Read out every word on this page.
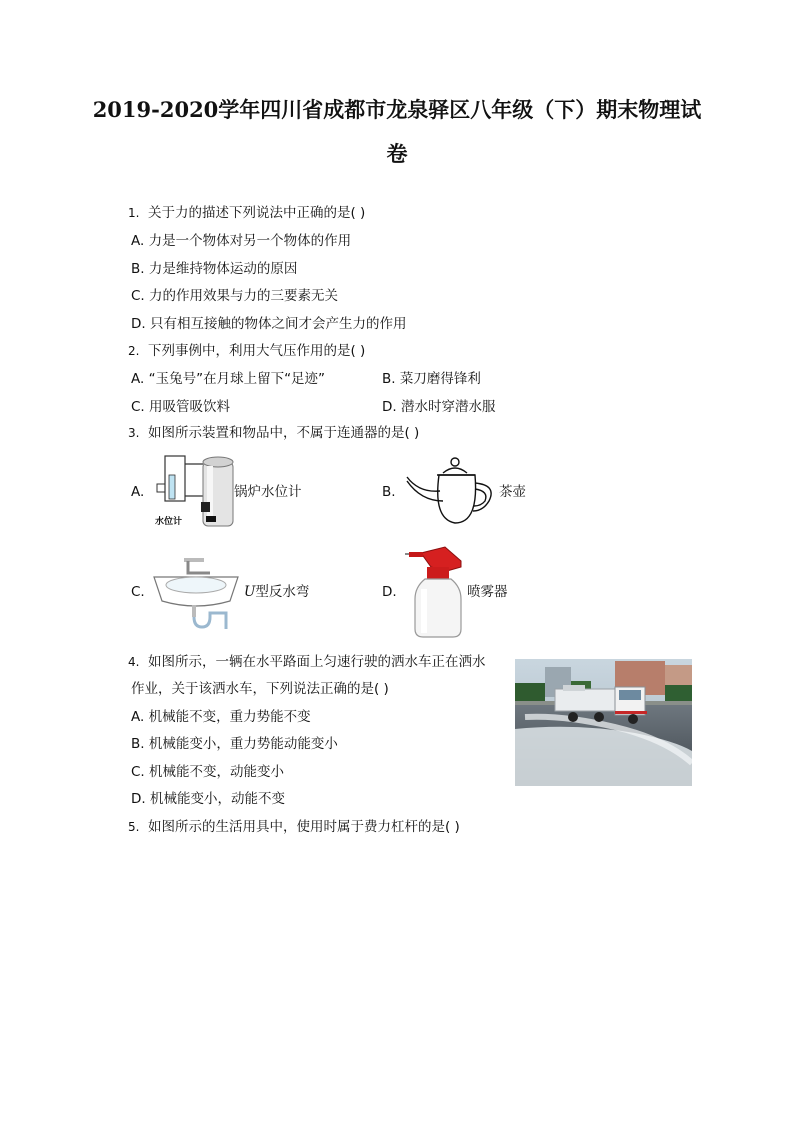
2019-2020学年四川省成都市龙泉驿区八年级（下）期末物理试
卷
1. 关于力的描述下列说法中正确的是( )
A. 力是一个物体对另一个物体的作用
B. 力是维持物体运动的原因
C. 力的作用效果与力的三要素无关
D. 只有相互接触的物体之间才会产生力的作用
2. 下列事例中，利用大气压作用的是( )
A. “玉兔号”在月球上留下“足迹”	B. 菜刀磨得锋利
C. 用吸管吸饮料	D. 潜水时穿潜水服
3. 如图所示装置和物品中，不属于连通器的是( )
A.
水位计
锅炉水位计	B.	茶壶
C.	U型反水弯	D.	喷雾器
4. 如图所示，一辆在水平路面上匀速行驶的洒水车正在洒水
作业，关于该洒水车，下列说法正确的是( )
A. 机械能不变，重力势能不变
B. 机械能变小，重力势能动能变小
C. 机械能不变，动能变小
D. 机械能变小，动能不变
5. 如图所示的生活用具中，使用时属于费力杠杆的是( )
